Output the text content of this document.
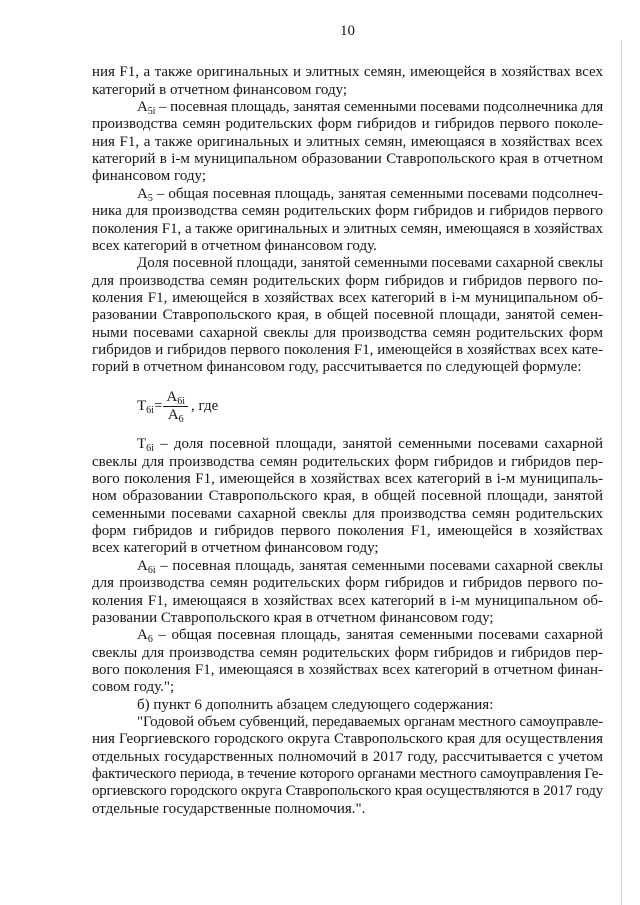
10
ния F1, а также оригинальных и элитных семян, имеющейся в хозяйствах всех
категорий в отчетном финансовом году;
$А_{5i}$ – посевная площадь, занятая семенными посевами подсолнечника для
производства семян родительских форм гибридов и гибридов первого поколе-
ния F1, а также оригинальных и элитных семян, имеющаяся в хозяйствах всех
категорий в i-м муниципальном образовании Ставропольского края в отчетном
финансовом году;
$А_5$ – общая посевная площадь, занятая семенными посевами подсолнеч-
ника для производства семян родительских форм гибридов и гибридов первого
поколения F1, а также оригинальных и элитных семян, имеющаяся в хозяйствах
всех категорий в отчетном финансовом году.
Доля посевной площади, занятой семенными посевами сахарной свеклы
для производства семян родительских форм гибридов и гибридов первого по-
коления F1, имеющейся в хозяйствах всех категорий в i-м муниципальном об-
разовании Ставропольского края, в общей посевной площади, занятой семен-
ными посевами сахарной свеклы для производства семян родительских форм
гибридов и гибридов первого поколения F1, имеющейся в хозяйствах всех кате-
горий в отчетном финансовом году, рассчитывается по следующей формуле:
$Т_{6i} = \frac{А_{6i}}{А_6}$ , где
$Т_{6i}$ – доля посевной площади, занятой семенными посевами сахарной
свеклы для производства семян родительских форм гибридов и гибридов пер-
вого поколения F1, имеющейся в хозяйствах всех категорий в i-м муниципаль-
ном образовании Ставропольского края, в общей посевной площади, занятой
семенными посевами сахарной свеклы для производства семян родительских
форм гибридов и гибридов первого поколения F1, имеющейся в хозяйствах
всех категорий в отчетном финансовом году;
$А_{6i}$ – посевная площадь, занятая семенными посевами сахарной свеклы
для производства семян родительских форм гибридов и гибридов первого по-
коления F1, имеющаяся в хозяйствах всех категорий в i-м муниципальном об-
разовании Ставропольского края в отчетном финансовом году;
$А_6$ – общая посевная площадь, занятая семенными посевами сахарной
свеклы для производства семян родительских форм гибридов и гибридов пер-
вого поколения F1, имеющаяся в хозяйствах всех категорий в отчетном финан-
совом году.";
б) пункт 6 дополнить абзацем следующего содержания:
"Годовой объем субвенций, передаваемых органам местного самоуправле-
ния Георгиевского городского округа Ставропольского края для осуществления
отдельных государственных полномочий в 2017 году, рассчитывается с учетом
фактического периода, в течение которого органами местного самоуправления Ге-
оргиевского городского округа Ставропольского края осуществляются в 2017 году
отдельные государственные полномочия.".
